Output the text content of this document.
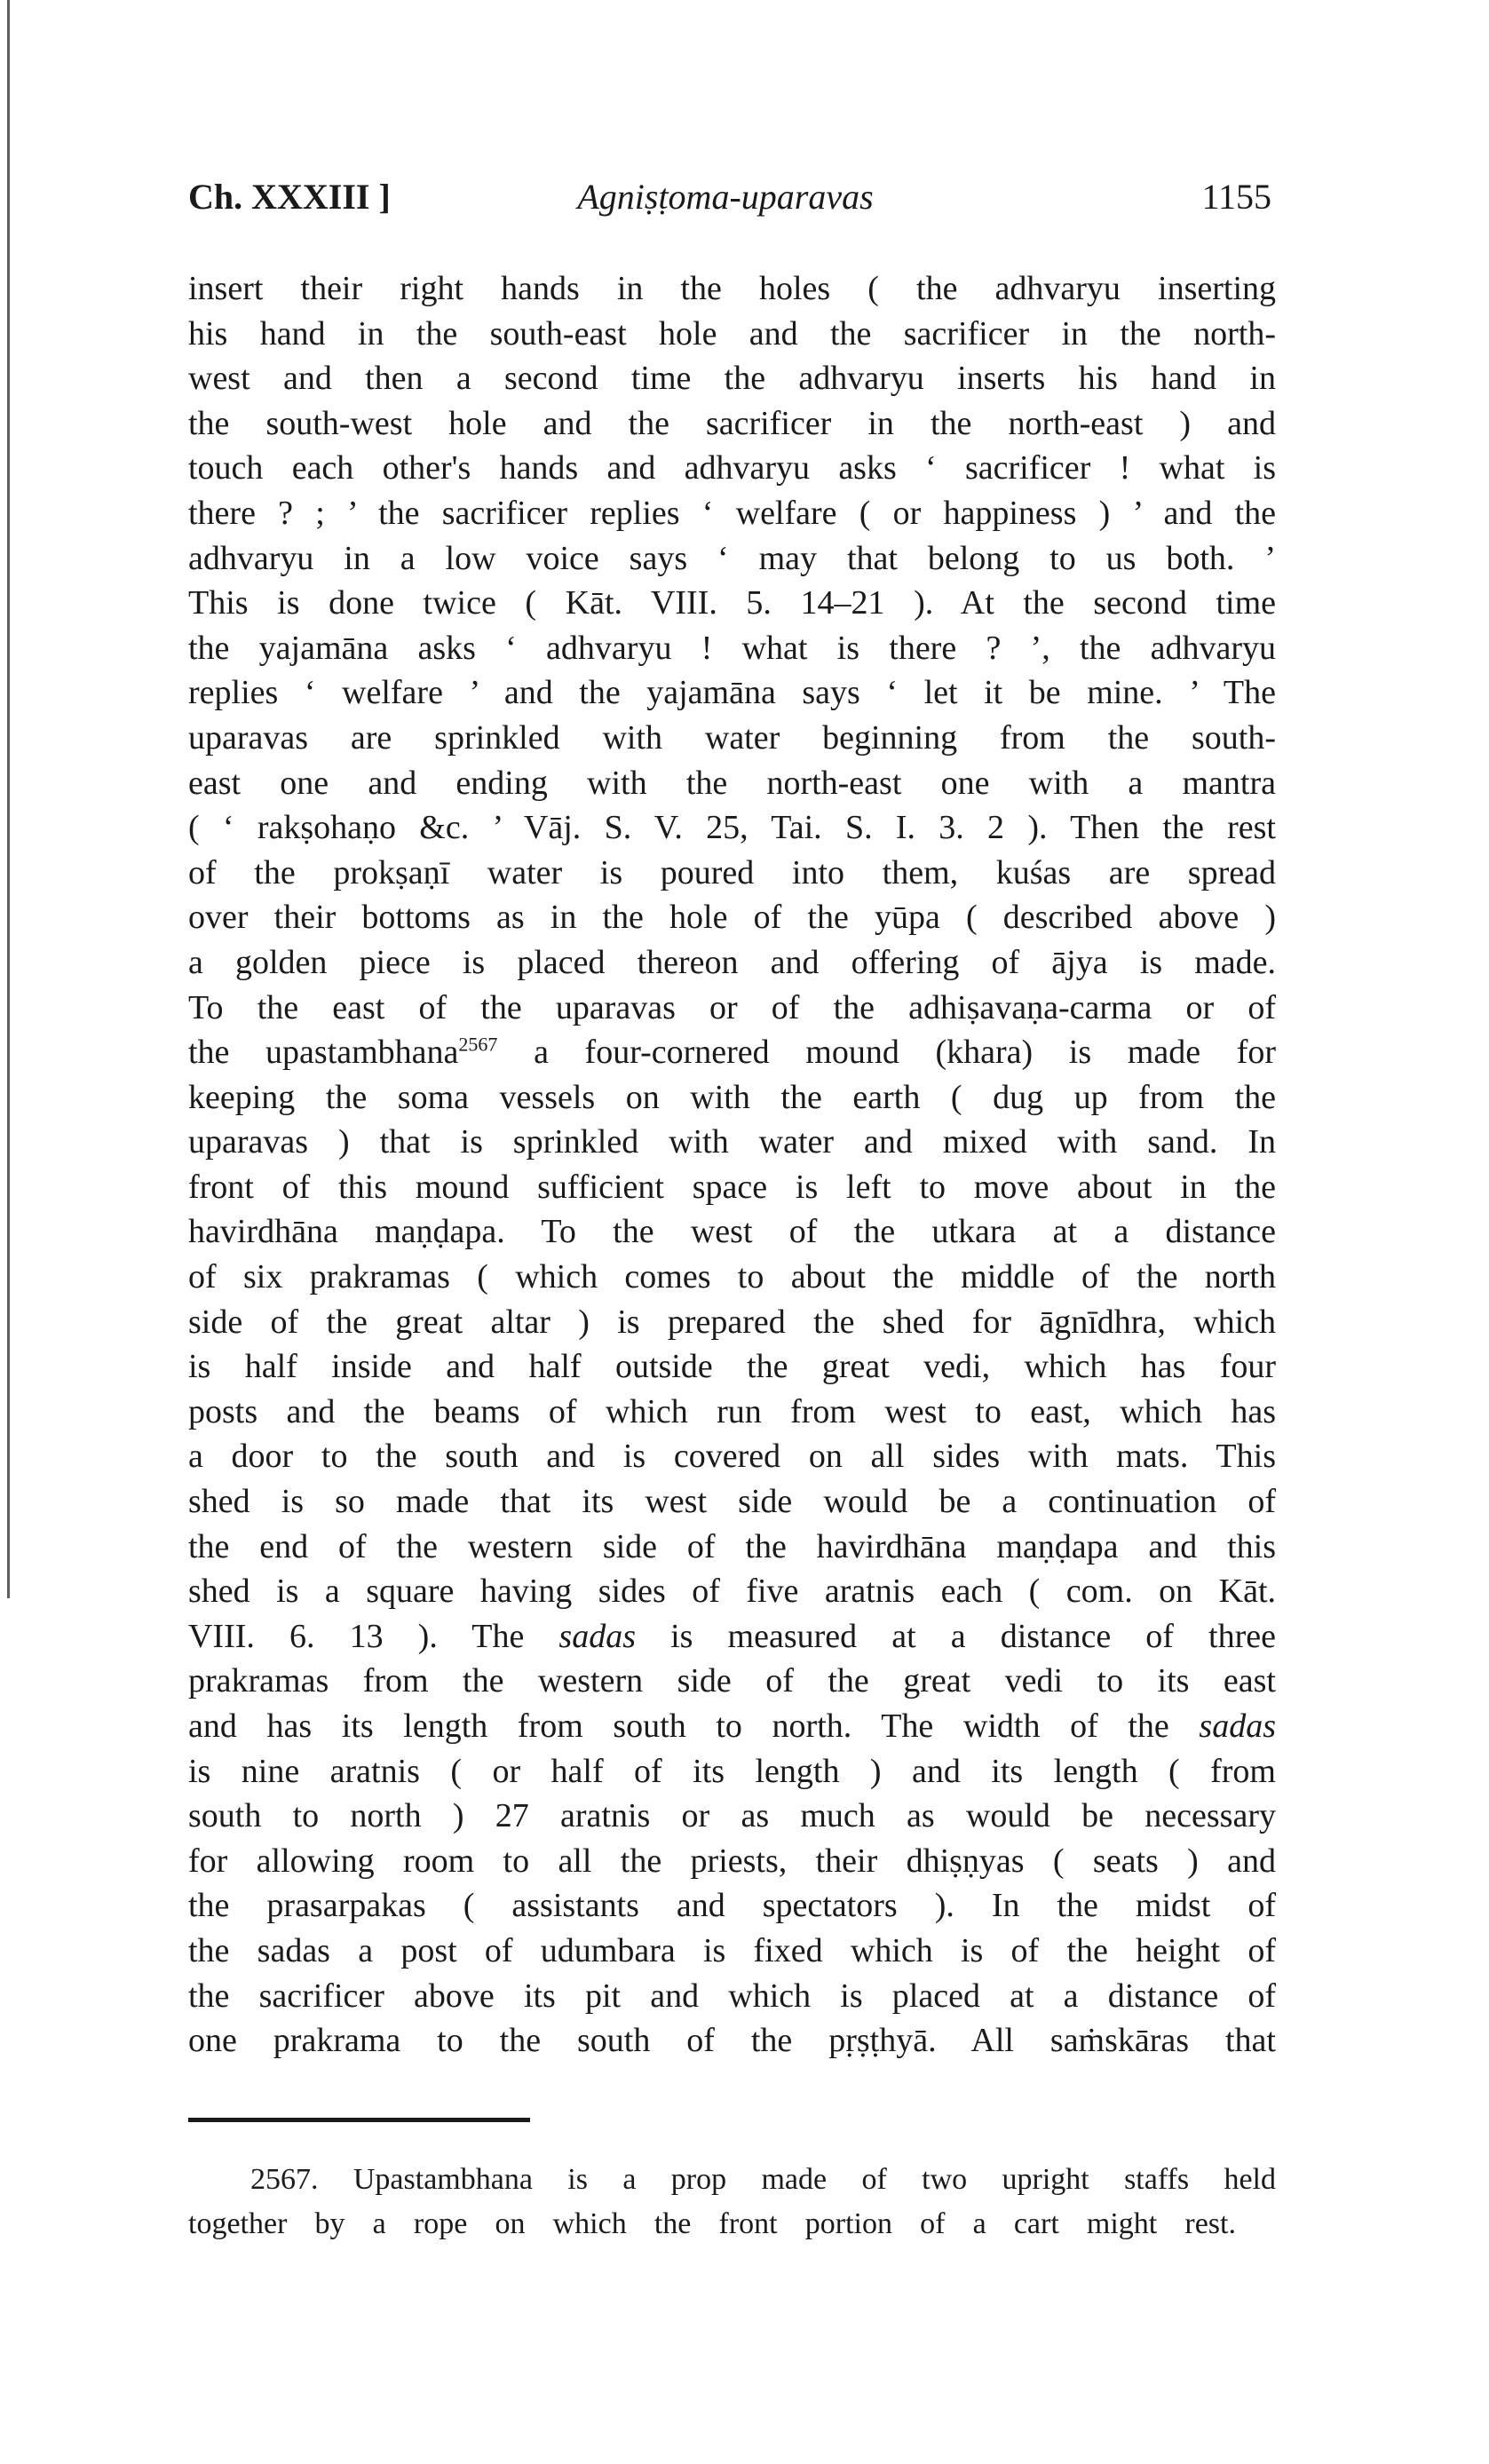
Ch. XXXIII ]	Agniṣṭoma-uparavas	1155
insert their right hands in the holes ( the adhvaryu inserting
his hand in the south-east hole and the sacrificer in the north-
west and then a second time the adhvaryu inserts his hand in
the south-west hole and the sacrificer in the north-east ) and
touch each other's hands and adhvaryu asks ‘ sacrificer ! what is
there ? ; ’ the sacrificer replies ‘ welfare ( or happiness ) ’ and the
adhvaryu in a low voice says ‘ may that belong to us both. ’
This is done twice ( Kāt. VIII. 5. 14–21 ). At the second time
the yajamāna asks ‘ adhvaryu ! what is there ? ’, the adhvaryu
replies ‘ welfare ’ and the yajamāna says ‘ let it be mine. ’ The
uparavas are sprinkled with water beginning from the south-
east one and ending with the north-east one with a mantra
( ‘ rakṣohaṇo &c. ’ Vāj. S. V. 25, Tai. S. I. 3. 2 ). Then the rest
of the prokṣaṇī water is poured into them, kuśas are spread
over their bottoms as in the hole of the yūpa ( described above )
a golden piece is placed thereon and offering of ājya is made.
To the east of the uparavas or of the adhiṣavaṇa-carma or of
the upastambhana$^{2567}$ a four-cornered mound (khara) is made for
keeping the soma vessels on with the earth ( dug up from the
uparavas ) that is sprinkled with water and mixed with sand. In
front of this mound sufficient space is left to move about in the
havirdhāna maṇḍapa. To the west of the utkara at a distance
of six prakramas ( which comes to about the middle of the north
side of the great altar ) is prepared the shed for āgnīdhra, which
is half inside and half outside the great vedi, which has four
posts and the beams of which run from west to east, which has
a door to the south and is covered on all sides with mats. This
shed is so made that its west side would be a continuation of
the end of the western side of the havirdhāna maṇḍapa and this
shed is a square having sides of five aratnis each ( com. on Kāt.
VIII. 6. 13 ). The sadas is measured at a distance of three
prakramas from the western side of the great vedi to its east
and has its length from south to north. The width of the sadas
is nine aratnis ( or half of its length ) and its length ( from
south to north ) 27 aratnis or as much as would be necessary
for allowing room to all the priests, their dhiṣṇyas ( seats ) and
the prasarpakas ( assistants and spectators ). In the midst of
the sadas a post of udumbara is fixed which is of the height of
the sacrificer above its pit and which is placed at a distance of
one prakrama to the south of the pṛṣṭhyā. All saṁskāras that
2567. Upastambhana is a prop made of two upright staffs held
together by a rope on which the front portion of a cart might rest.
